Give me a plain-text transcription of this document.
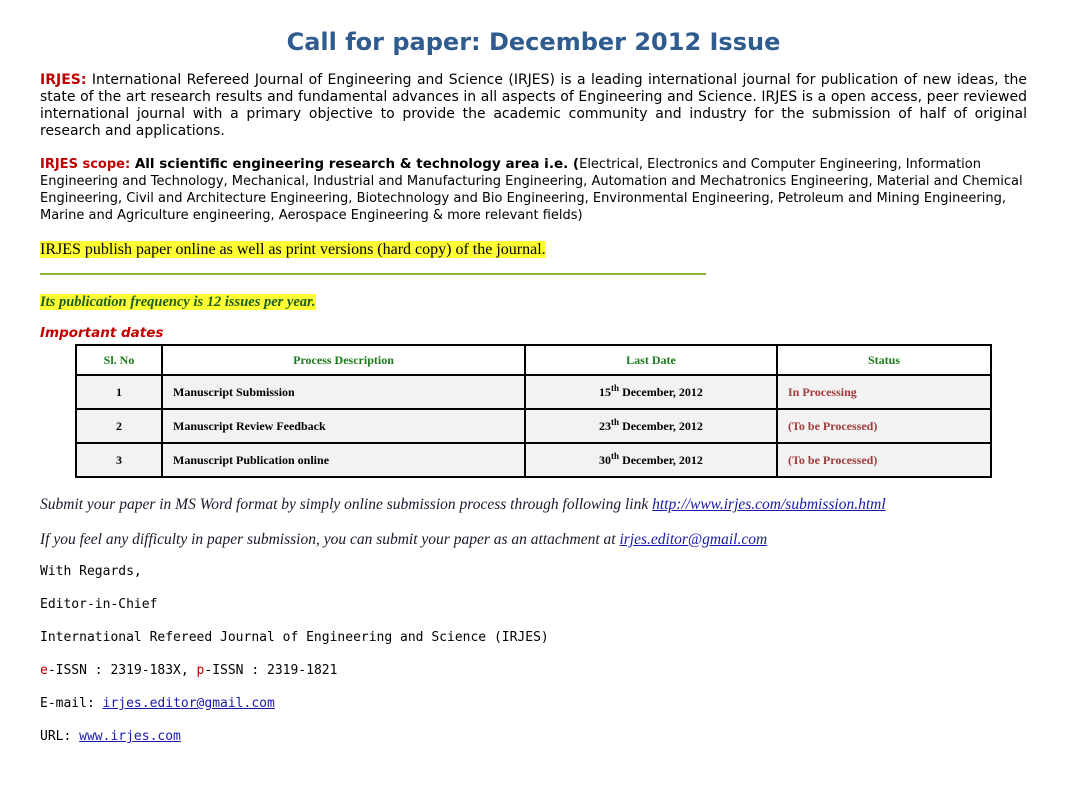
Call for paper: December 2012 Issue

IRJES: International Refereed Journal of Engineering and Science (IRJES) is a leading international journal for publication of new ideas, the state of the art research results and fundamental advances in all aspects of Engineering and Science. IRJES is a open access, peer reviewed international journal with a primary objective to provide the academic community and industry for the submission of half of original research and applications.

IRJES scope: All scientific engineering research & technology area i.e. (Electrical, Electronics and Computer Engineering, Information Engineering and Technology, Mechanical, Industrial and Manufacturing Engineering, Automation and Mechatronics Engineering, Material and Chemical Engineering, Civil and Architecture Engineering, Biotechnology and Bio Engineering, Environmental Engineering, Petroleum and Mining Engineering, Marine and Agriculture engineering, Aerospace Engineering & more relevant fields)

IRJES publish paper online as well as print versions (hard copy) of the journal.

Its publication frequency is 12 issues per year.

Important dates

Sl. No	Process Description	Last Date	Status
1	Manuscript Submission	15th December, 2012	In Processing
2	Manuscript Review Feedback	23th December, 2012	(To be Processed)
3	Manuscript Publication online	30th December, 2012	(To be Processed)

Submit your paper in MS Word format by simply online submission process through following link http://www.irjes.com/submission.html

If you feel any difficulty in paper submission, you can submit your paper as an attachment at irjes.editor@gmail.com

With Regards,

Editor-in-Chief

International Refereed Journal of Engineering and Science (IRJES)

e-ISSN : 2319-183X, p-ISSN : 2319-1821

E-mail: irjes.editor@gmail.com

URL: www.irjes.com
